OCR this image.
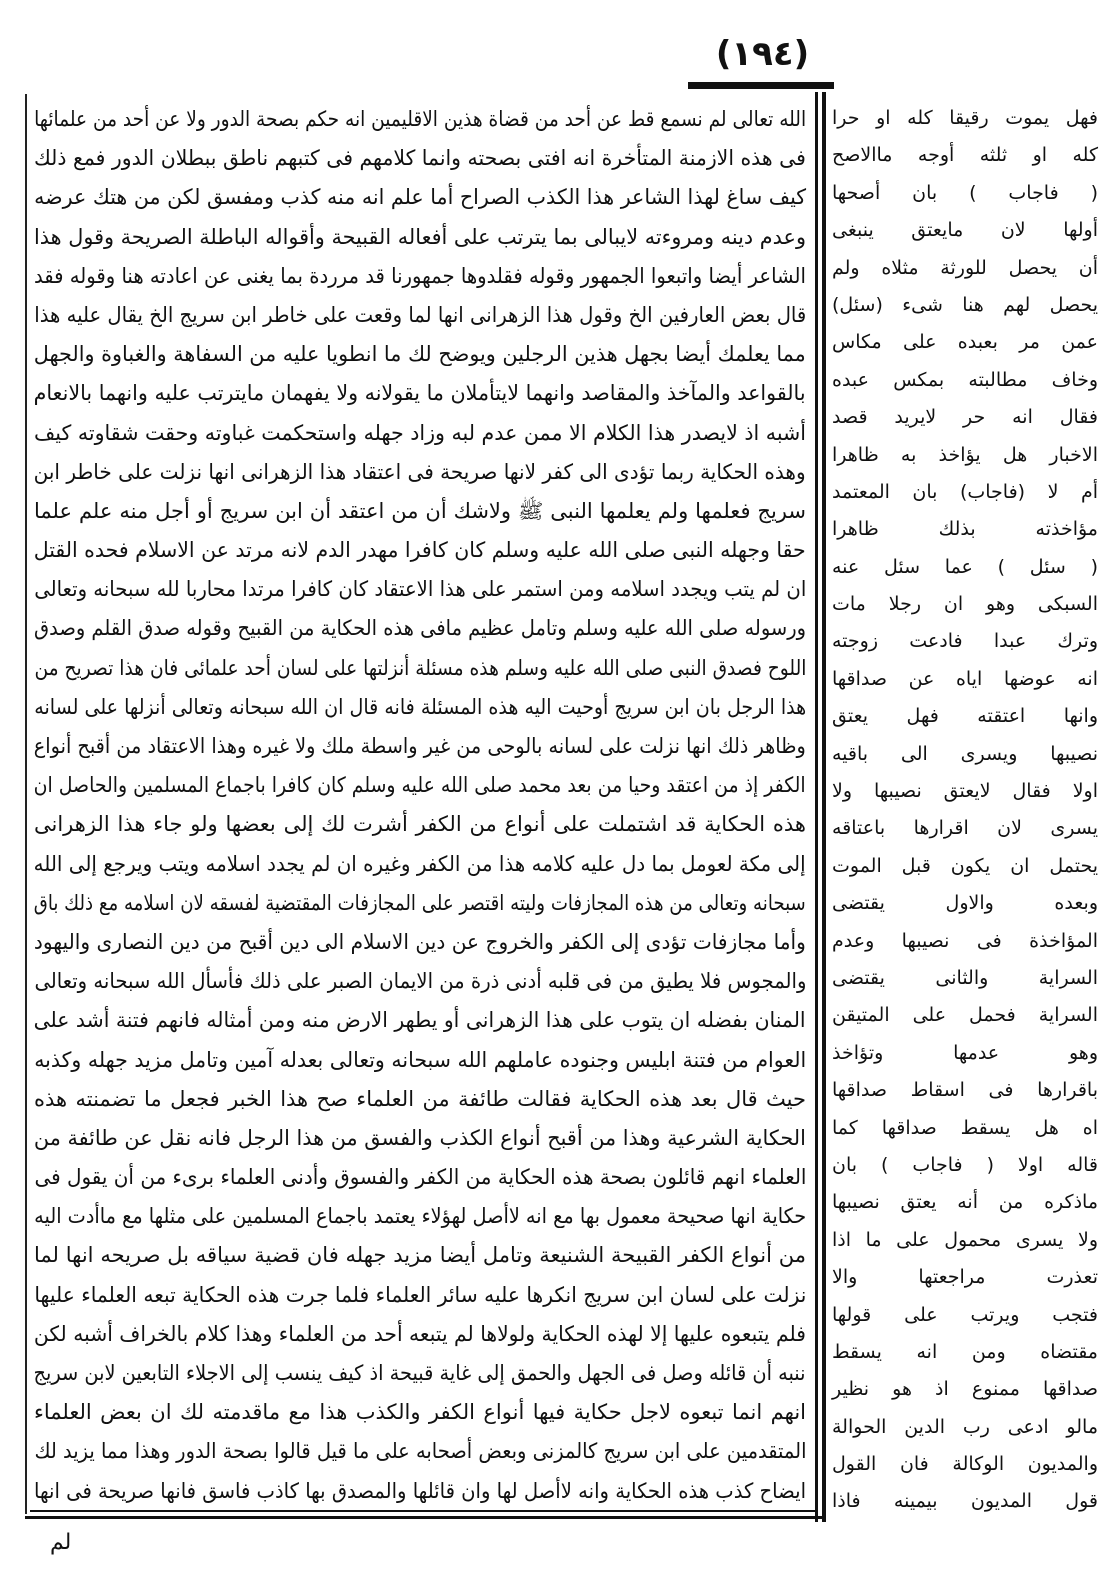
(١٩٤)
الله تعالى لم نسمع قط عن أحد من قضاة هذين الاقليمين انه حكم بصحة الدور ولا عن أحد من علمائها
فى هذه الازمنة المتأخرة انه افتى بصحته وانما كلامهم فى كتبهم ناطق ببطلان الدور فمع ذلك
كيف ساغ لهذا الشاعر هذا الكذب الصراح أما علم انه منه كذب ومفسق لكن من هتك عرضه
وعدم دينه ومروءته لايبالى بما يترتب على أفعاله القبيحة وأقواله الباطلة الصريحة وقول هذا
الشاعر أيضا واتبعوا الجمهور وقوله فقلدوها جمهورنا قد مرردة بما يغنى عن اعادته هنا وقوله فقد
قال بعض العارفين الخ وقول هذا الزهرانى انها لما وقعت على خاطر ابن سريج الخ يقال عليه هذا
مما يعلمك أيضا بجهل هذين الرجلين ويوضح لك ما انطويا عليه من السفاهة والغباوة والجهل
بالقواعد والمآخذ والمقاصد وانهما لايتأملان ما يقولانه ولا يفهمان مايترتب عليه وانهما بالانعام
أشبه اذ لايصدر هذا الكلام الا ممن عدم لبه وزاد جهله واستحكمت غباوته وحقت شقاوته كيف
وهذه الحكاية ربما تؤدى الى كفر لانها صريحة فى اعتقاد هذا الزهرانى انها نزلت على خاطر ابن
سريج فعلمها ولم يعلمها النبى ﷺ ولاشك أن من اعتقد أن ابن سريج أو أجل منه علم علما
حقا وجهله النبى صلى الله عليه وسلم كان كافرا مهدر الدم لانه مرتد عن الاسلام فحده القتل
ان لم يتب ويجدد اسلامه ومن استمر على هذا الاعتقاد كان كافرا مرتدا محاربا لله سبحانه وتعالى
ورسوله صلى الله عليه وسلم وتامل عظيم مافى هذه الحكاية من القبيح وقوله صدق القلم وصدق
اللوح فصدق النبى صلى الله عليه وسلم هذه مسئلة أنزلتها على لسان أحد علمائى فان هذا تصريح من
هذا الرجل بان ابن سريج أوحيت اليه هذه المسئلة فانه قال ان الله سبحانه وتعالى أنزلها على لسانه
وظاهر ذلك انها نزلت على لسانه بالوحى من غير واسطة ملك ولا غيره وهذا الاعتقاد من أقبح أنواع
الكفر إذ من اعتقد وحيا من بعد محمد صلى الله عليه وسلم كان كافرا باجماع المسلمين والحاصل ان
هذه الحكاية قد اشتملت على أنواع من الكفر أشرت لك إلى بعضها ولو جاء هذا الزهرانى
إلى مكة لعومل بما دل عليه كلامه هذا من الكفر وغيره ان لم يجدد اسلامه ويتب ويرجع إلى الله
سبحانه وتعالى من هذه المجازفات وليته اقتصر على المجازفات المقتضية لفسقه لان اسلامه مع ذلك باق
وأما مجازفات تؤدى إلى الكفر والخروج عن دين الاسلام الى دين أقبح من دين النصارى واليهود
والمجوس فلا يطيق من فى قلبه أدنى ذرة من الايمان الصبر على ذلك فأسأل الله سبحانه وتعالى
المنان بفضله ان يتوب على هذا الزهرانى أو يطهر الارض منه ومن أمثاله فانهم فتنة أشد على
العوام من فتنة ابليس وجنوده عاملهم الله سبحانه وتعالى بعدله آمين وتامل مزيد جهله وكذبه
حيث قال بعد هذه الحكاية فقالت طائفة من العلماء صح هذا الخبر فجعل ما تضمنته هذه
الحكاية الشرعية وهذا من أقبح أنواع الكذب والفسق من هذا الرجل فانه نقل عن طائفة من
العلماء انهم قائلون بصحة هذه الحكاية من الكفر والفسوق وأدنى العلماء برىء من أن يقول فى
حكاية انها صحيحة معمول بها مع انه لاأصل لهؤلاء يعتمد باجماع المسلمين على مثلها مع ماأدت اليه
من أنواع الكفر القبيحة الشنيعة وتامل أيضا مزيد جهله فان قضية سياقه بل صريحه انها لما
نزلت على لسان ابن سريج انكرها عليه سائر العلماء فلما جرت هذه الحكاية تبعه العلماء عليها
فلم يتبعوه عليها إلا لهذه الحكاية ولولاها لم يتبعه أحد من العلماء وهذا كلام بالخراف أشبه لكن
ننبه أن قائله وصل فى الجهل والحمق إلى غاية قبيحة اذ كيف ينسب إلى الاجلاء التابعين لابن سريج
انهم انما تبعوه لاجل حكاية فيها أنواع الكفر والكذب هذا مع ماقدمته لك ان بعض العلماء
المتقدمين على ابن سريج كالمزنى وبعض أصحابه على ما قيل قالوا بصحة الدور وهذا مما يزيد لك
ايضاح كذب هذه الحكاية وانه لاأصل لها وان قائلها والمصدق بها كاذب فاسق فانها صريحة فى انها
فهل يموت رقيقا كله او حرا
كله او ثلثه أوجه ماالاصح
( فاجاب ) بان أصحها
أولها لان مايعتق ينبغى
أن يحصل للورثة مثلاه ولم
يحصل لهم هنا شىء (سئل)
عمن مر بعبده على مكاس
وخاف مطالبته بمكس عبده
فقال انه حر لايريد قصد
الاخبار هل يؤاخذ به ظاهرا
أم لا (فاجاب) بان المعتمد
مؤاخذته بذلك ظاهرا
( سئل ) عما سئل عنه
السبكى وهو ان رجلا مات
وترك عبدا فادعت زوجته
انه عوضها اياه عن صداقها
وانها اعتقته فهل يعتق
نصيبها ويسرى الى باقيه
اولا فقال لايعتق نصيبها ولا
يسرى لان اقرارها باعتاقه
يحتمل ان يكون قبل الموت
وبعده والاول يقتضى
المؤاخذة فى نصيبها وعدم
السراية والثانى يقتضى
السراية فحمل على المتيقن
وهو عدمها وتؤاخذ
باقرارها فى اسقاط صداقها
اه هل يسقط صداقها كما
قاله اولا ( فاجاب ) بان
ماذكره من أنه يعتق نصيبها
ولا يسرى محمول على ما اذا
تعذرت مراجعتها والا
فتجب ويرتب على قولها
مقتضاه ومن انه يسقط
صداقها ممنوع اذ هو نظير
مالو ادعى رب الدين الحوالة
والمديون الوكالة فان القول
قول المديون بيمينه فاذا
لم
